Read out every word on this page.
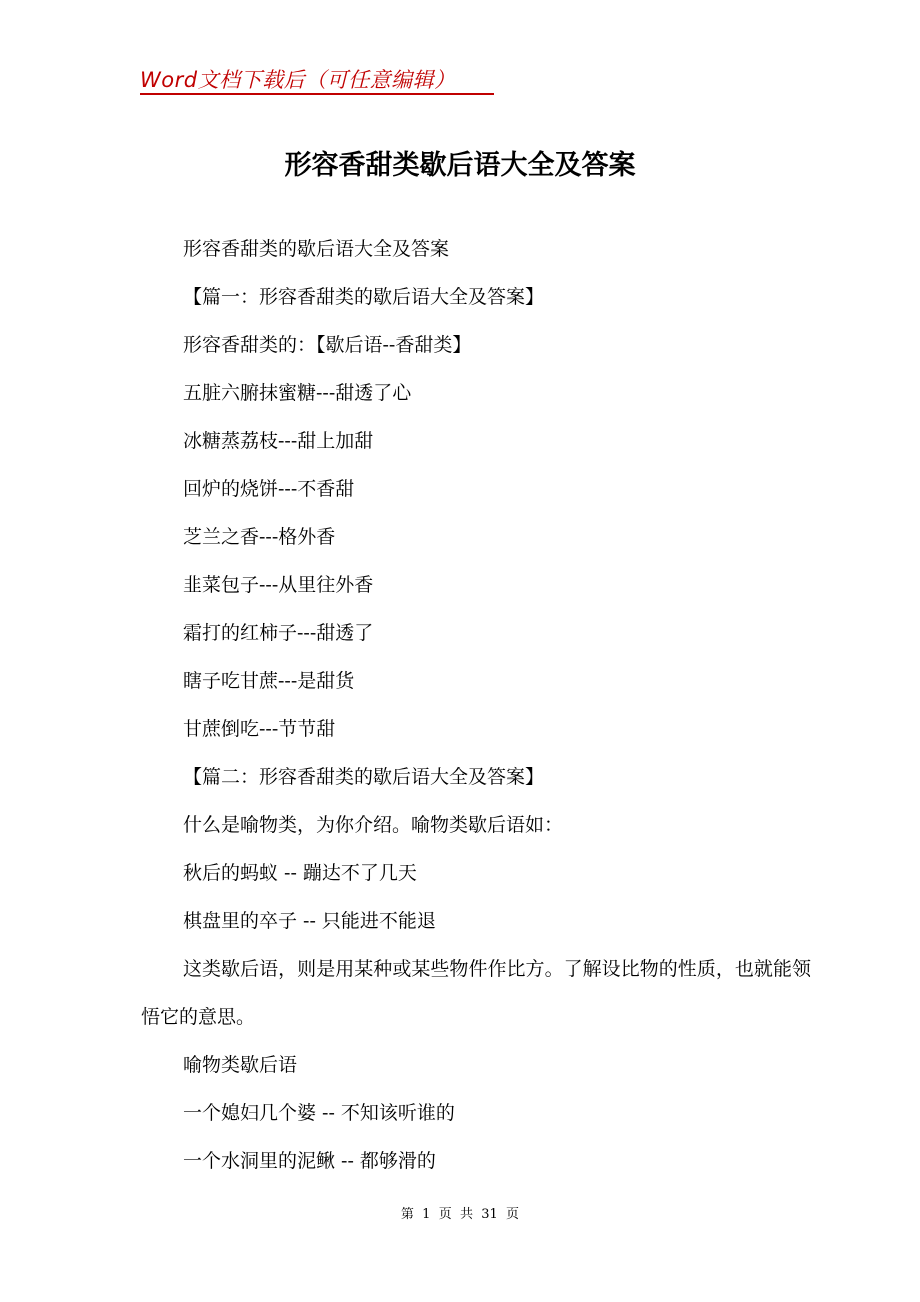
Word文档下载后（可任意编辑）
形容香甜类歇后语大全及答案

形容香甜类的歇后语大全及答案

【篇一：形容香甜类的歇后语大全及答案】

形容香甜类的：【歇后语--香甜类】

五脏六腑抹蜜糖---甜透了心

冰糖蒸荔枝---甜上加甜

回炉的烧饼---不香甜

芝兰之香---格外香

韭菜包子---从里往外香

霜打的红柿子---甜透了

瞎子吃甘蔗---是甜货

甘蔗倒吃---节节甜

【篇二：形容香甜类的歇后语大全及答案】

什么是喻物类，为你介绍。喻物类歇后语如：

秋后的蚂蚁 -- 蹦达不了几天

棋盘里的卒子 -- 只能进不能退

这类歇后语，则是用某种或某些物件作比方。了解设比物的性质，也就能领悟它的意思。

喻物类歇后语

一个媳妇几个婆 -- 不知该听谁的

一个水洞里的泥鳅 -- 都够滑的

第  1  页  共  31  页
